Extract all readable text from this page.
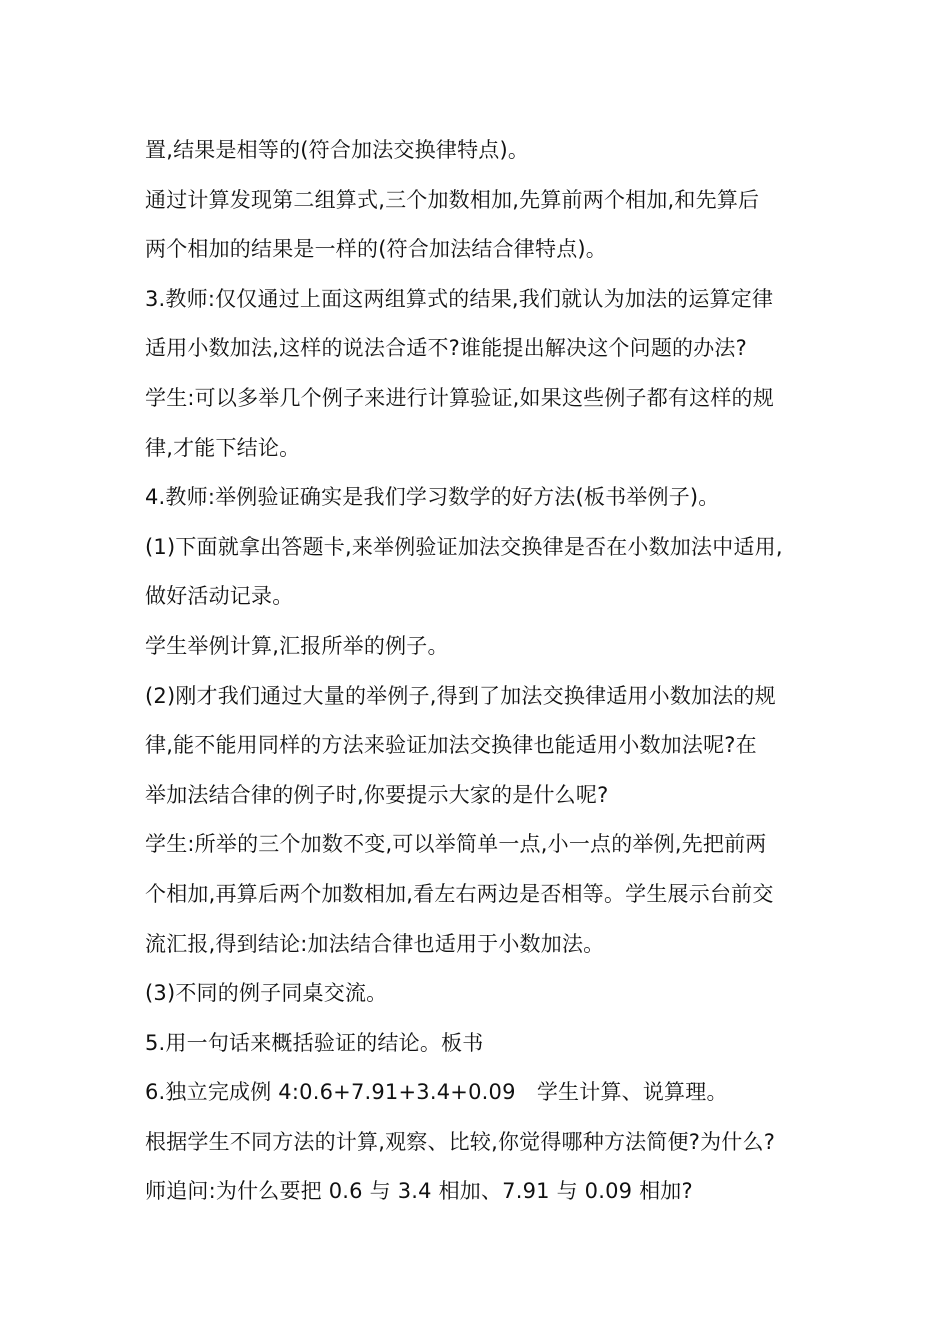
置,结果是相等的(符合加法交换律特点)。
通过计算发现第二组算式,三个加数相加,先算前两个相加,和先算后
两个相加的结果是一样的(符合加法结合律特点)。
3.教师:仅仅通过上面这两组算式的结果,我们就认为加法的运算定律
适用小数加法,这样的说法合适不?谁能提出解决这个问题的办法?
学生:可以多举几个例子来进行计算验证,如果这些例子都有这样的规
律,才能下结论。
4.教师:举例验证确实是我们学习数学的好方法(板书举例子)。
(1)下面就拿出答题卡,来举例验证加法交换律是否在小数加法中适用,
做好活动记录。
学生举例计算,汇报所举的例子。
(2)刚才我们通过大量的举例子,得到了加法交换律适用小数加法的规
律,能不能用同样的方法来验证加法交换律也能适用小数加法呢?在
举加法结合律的例子时,你要提示大家的是什么呢?
学生:所举的三个加数不变,可以举简单一点,小一点的举例,先把前两
个相加,再算后两个加数相加,看左右两边是否相等。学生展示台前交
流汇报,得到结论:加法结合律也适用于小数加法。
(3)不同的例子同桌交流。
5.用一句话来概括验证的结论。板书
6.独立完成例 4:0.6+7.91+3.4+0.09　学生计算、说算理。
根据学生不同方法的计算,观察、比较,你觉得哪种方法简便?为什么?
师追问:为什么要把 0.6 与 3.4 相加、7.91 与 0.09 相加?
